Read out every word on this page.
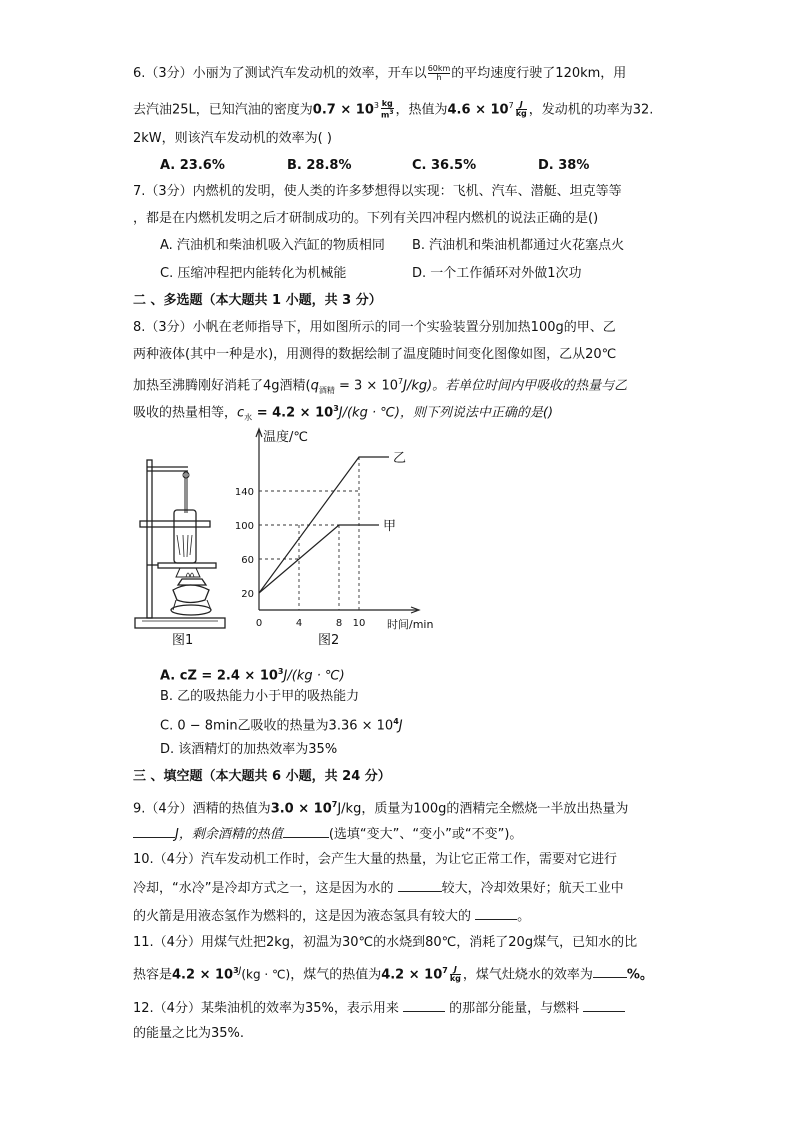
6.（3分）小丽为了测试汽车发动机的效率，开车以 $\frac{60km}{h}$ 的平均速度行驶了120km，用
去汽油25L，已知汽油的密度为$0.7 \times 10^3 \frac{kg}{m^3}$ ，热值为$4.6 \times 10^7 \frac{J}{kg}$ ，发动机的功率为32.
2kW，则该汽车发动机的效率为( )
A. 23.6%	B. 28.8%	C. 36.5%	D. 38%
7.（3分）内燃机的发明，使人类的许多梦想得以实现：飞机、汽车、潜艇、坦克等等
，都是在内燃机发明之后才研制成功的。下列有关四冲程内燃机的说法正确的是()
A. 汽油机和柴油机吸入汽缸的物质相同 B. 汽油机和柴油机都通过火花塞点火
C. 压缩冲程把内能转化为机械能	D. 一个工作循环对外做1次功
二 、多选题（本大题共 1 小题，共 3 分）
8.（3分）小帆在老师指导下，用如图所示的同一个实验装置分别加热100g的甲、乙
两种液体(其中一种是水)，用测得的数据绘制了温度随时间变化图像如图，乙从20℃
加热至沸腾刚好消耗了4g酒精$(q_{酒精} = 3 \times 10^7J/kg)$。若单位时间内甲吸收的热量与乙
吸收的热量相等，$c_水 = 4.2 \times 10^3J/(kg$ · ℃)，则下列说法中正确的是()
图1
温度/℃
时间/min
20
60
100
140
0	4	8 10
乙
甲
图2
A. cZ = $2.4 \times 10^3J/(kg$ · ℃)
B. 乙的吸热能力小于甲的吸热能力
C. 0 − 8min乙吸收的热量为$3.36 \times 10^4J$
D. 该酒精灯的加热效率为35%
三 、填空题（本大题共 6 小题，共 24 分）
9.（4分）酒精的热值为$3.0 \times 10^7J/kg$，质量为100g的酒精完全燃烧一半放出热量为
J，剩余酒精的热值	(选填“变大”、“变小”或“不变”)。
10.（4分）汽车发动机工作时，会产生大量的热量，为让它正常工作，需要对它进行
冷却，“水冷”是冷却方式之一，这是因为水的	较大，冷却效果好；航天工业中
的火箭是用液态氢作为燃料的，这是因为液态氢具有较大的	。
11.（4分）用煤气灶把2kg，初温为30℃的水烧到80℃，消耗了20g煤气，已知水的比
热容是$4.2 \times 10^{3J}(kg$ · ℃)，煤气的热值为$4.2 \times 10^7 \frac{J}{kg}$ ，煤气灶烧水的效率为	%。
12.（4分）某柴油机的效率为35%，表示用来	的那部分能量，与燃料
的能量之比为35%.
